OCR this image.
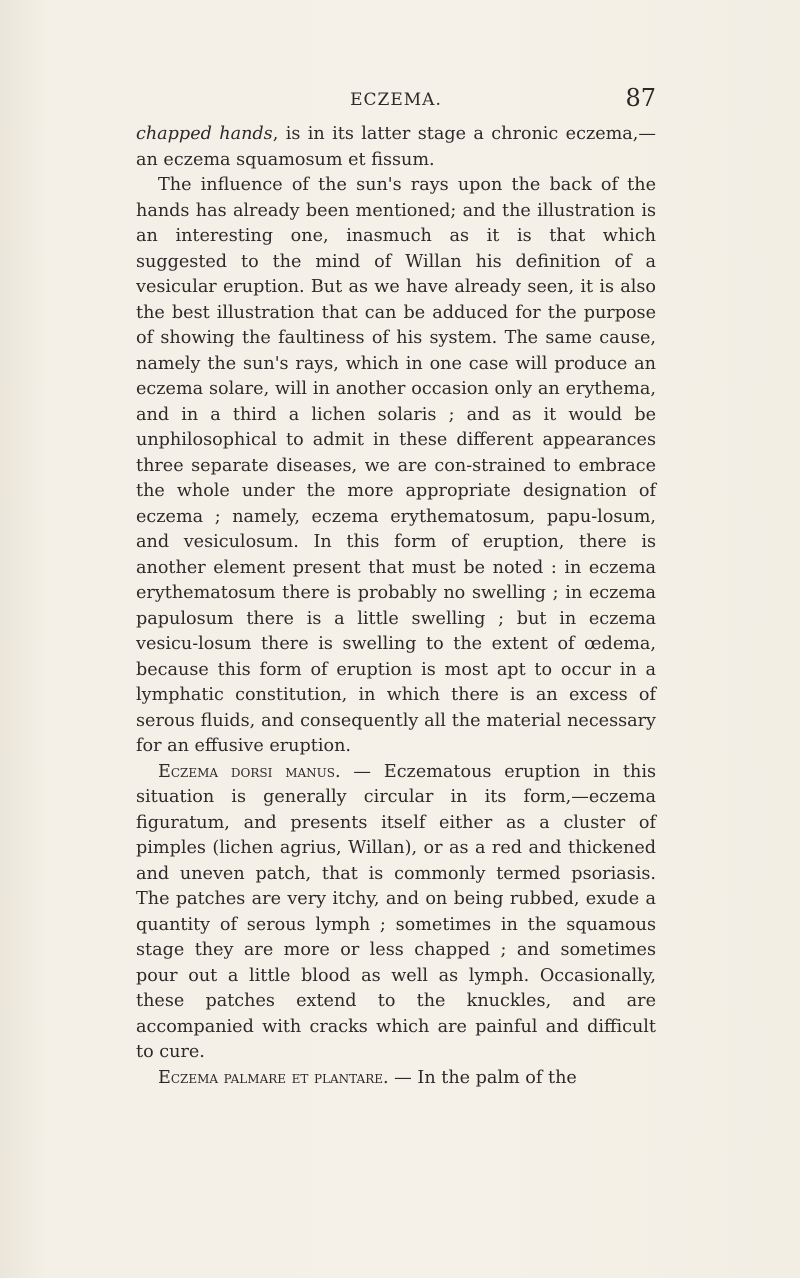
ECZEMA.	87

chapped hands, is in its latter stage a chronic eczema,—an eczema squamosum et fissum.

The influence of the sun's rays upon the back of the hands has already been mentioned; and the illustration is an interesting one, inasmuch as it is that which suggested to the mind of Willan his definition of a vesicular eruption. But as we have already seen, it is also the best illustration that can be adduced for the purpose of showing the faultiness of his system. The same cause, namely the sun's rays, which in one case will produce an eczema solare, will in another occasion only an erythema, and in a third a lichen solaris ; and as it would be unphilosophical to admit in these different appearances three separate diseases, we are con-strained to embrace the whole under the more appropriate designation of eczema ; namely, eczema erythematosum, papu-losum, and vesiculosum. In this form of eruption, there is another element present that must be noted : in eczema erythematosum there is probably no swelling ; in eczema papulosum there is a little swelling ; but in eczema vesicu-losum there is swelling to the extent of œdema, because this form of eruption is most apt to occur in a lymphatic constitution, in which there is an excess of serous fluids, and consequently all the material necessary for an effusive eruption.

Eczema dorsi manus. — Eczematous eruption in this situation is generally circular in its form,—eczema figuratum, and presents itself either as a cluster of pimples (lichen agrius, Willan), or as a red and thickened and uneven patch, that is commonly termed psoriasis. The patches are very itchy, and on being rubbed, exude a quantity of serous lymph ; sometimes in the squamous stage they are more or less chapped ; and sometimes pour out a little blood as well as lymph. Occasionally, these patches extend to the knuckles, and are accompanied with cracks which are painful and difficult to cure.

Eczema palmare et plantare. — In the palm of the
